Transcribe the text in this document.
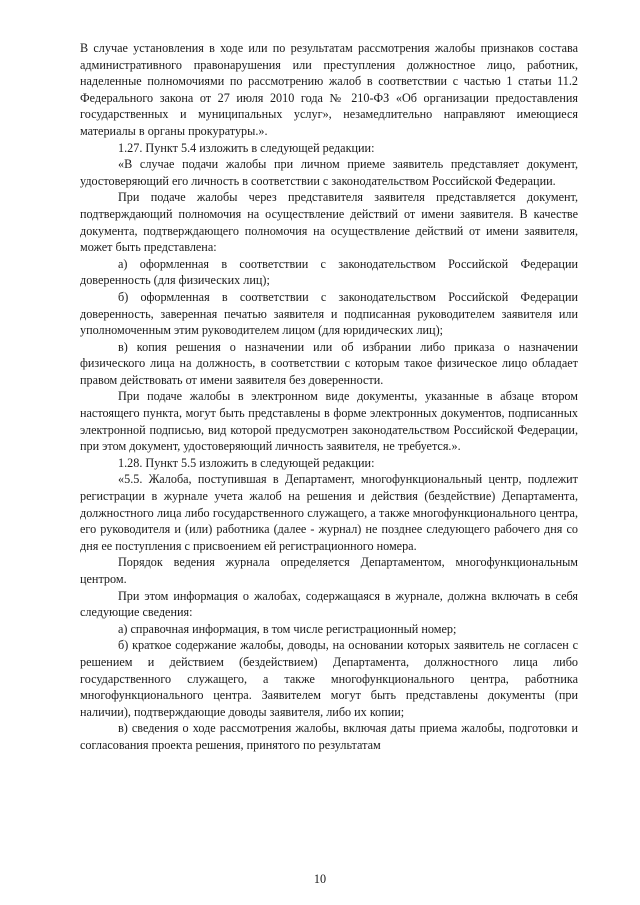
В случае установления в ходе или по результатам рассмотрения жалобы признаков состава административного правонарушения или преступления должностное лицо, работник, наделенные полномочиями по рассмотрению жалоб в соответствии с частью 1 статьи 11.2 Федерального закона от 27 июля 2010 года № 210-ФЗ «Об организации предоставления государственных и муниципальных услуг», незамедлительно направляют имеющиеся материалы в органы прокуратуры.».

1.27. Пункт 5.4 изложить в следующей редакции:

«В случае подачи жалобы при личном приеме заявитель представляет документ, удостоверяющий его личность в соответствии с законодательством Российской Федерации.

При подаче жалобы через представителя заявителя представляется документ, подтверждающий полномочия на осуществление действий от имени заявителя. В качестве документа, подтверждающего полномочия на осуществление действий от имени заявителя, может быть представлена:

а) оформленная в соответствии с законодательством Российской Федерации доверенность (для физических лиц);

б) оформленная в соответствии с законодательством Российской Федерации доверенность, заверенная печатью заявителя и подписанная руководителем заявителя или уполномоченным этим руководителем лицом (для юридических лиц);

в) копия решения о назначении или об избрании либо приказа о назначении физического лица на должность, в соответствии с которым такое физическое лицо обладает правом действовать от имени заявителя без доверенности.

При подаче жалобы в электронном виде документы, указанные в абзаце втором настоящего пункта, могут быть представлены в форме электронных документов, подписанных электронной подписью, вид которой предусмотрен законодательством Российской Федерации, при этом документ, удостоверяющий личность заявителя, не требуется.».

1.28. Пункт 5.5 изложить в следующей редакции:

«5.5. Жалоба, поступившая в Департамент, многофункциональный центр, подлежит регистрации в журнале учета жалоб на решения и действия (бездействие) Департамента, должностного лица либо государственного служащего, а также многофункционального центра, его руководителя и (или) работника (далее - журнал) не позднее следующего рабочего дня со дня ее поступления с присвоением ей регистрационного номера.

Порядок ведения журнала определяется Департаментом, многофункциональным центром.

При этом информация о жалобах, содержащаяся в журнале, должна включать в себя следующие сведения:

а) справочная информация, в том числе регистрационный номер;

б) краткое содержание жалобы, доводы, на основании которых заявитель не согласен с решением и действием (бездействием) Департамента, должностного лица либо государственного служащего, а также многофункционального центра, работника многофункционального центра. Заявителем могут быть представлены документы (при наличии), подтверждающие доводы заявителя, либо их копии;

в) сведения о ходе рассмотрения жалобы, включая даты приема жалобы, подготовки и согласования проекта решения, принятого по результатам

10
